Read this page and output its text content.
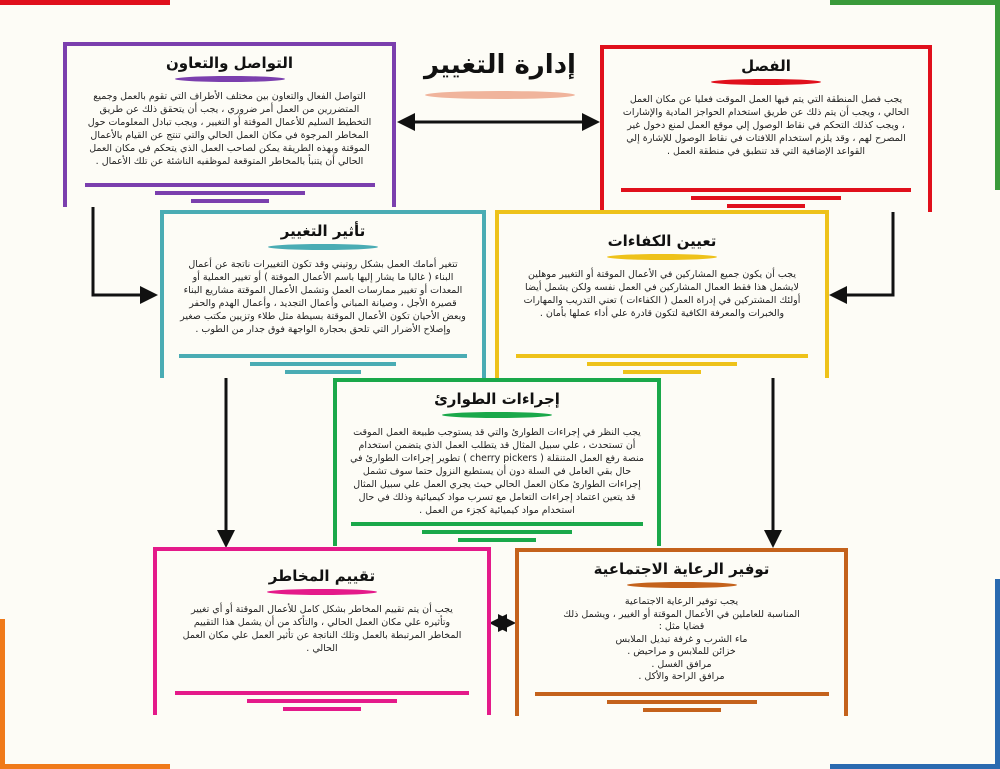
إدارة التغيير
التواصل والتعاون

التواصل الفعال والتعاون بين مختلف الأطراف التي تقوم بالعمل وجميع المتضررين من العمل أمر ضروري ، يجب أن يتحقق ذلك عن طريق التخطيط السليم للأعمال الموقتة أو التغيير ، ويجب تبادل المعلومات حول المخاطر المرجوة في مكان العمل الحالي والتي تنتج عن القيام بالأعمال الموقتة وبهذه الطريقة يمكن لصاحب العمل الذي يتحكم في مكان العمل الحالي أن يتنبأ بالمخاطر المتوقعة لموظفيه الناشئة عن تلك الأعمال .

الفصل

يجب فصل المنطقة التي يتم فيها العمل الموقت فعليا عن مكان العمل الحالي ، ويجب أن يتم ذلك عن طريق استخدام الحواجز المادية والإشارات ، ويجب كذلك التحكم في نقاط الوصول إلي موقع العمل لمنع دخول غير المصرح لهم ، وقد يلزم استخدام اللافتات في نقاط الوصول للإشارة إلي القواعد الإضافية التي قد تنطبق في منطقة العمل .

تأثير التغيير

تتغير أمامك العمل بشكل روتيني وقد تكون التغييرات ناتجة عن أعمال البناء ( غالبا ما يشار إليها باسم الأعمال الموقتة ) أو تغيير العملية أو المعدات أو تغيير ممارسات العمل وتشمل الأعمال الموقتة مشاريع البناء قصيرة الأجل ، وصيانة المباني وأعمال التجديد ، وأعمال الهدم والحفر وبعض الأحيان تكون الأعمال الموقتة بسيطة مثل طلاء وتزيين مكتب صغير وإصلاح الأضرار التي تلحق بحجارة الواجهة فوق جدار من الطوب .

تعيين الكفاءات

يجب أن يكون جميع المشاركين في الأعمال الموقتة أو التغيير موهلين لايشمل هذا فقط العمال المشاركين في العمل نفسه ولكن يشمل أيضا أولئك المشتركين في إدراة العمل ( الكفاءات ) تعني التدريب والمهارات والخبرات والمعرفة الكافية لتكون قادرة علي أداء عملها بأمان .

إجراءات الطوارئ

يجب النظر في إجراءات الطوارئ والتي قد يستوجب طبيعة العمل الموقت أن تستحدث ، علي سبيل المثال قد يتطلب العمل الذي يتضمن استخدام منصة رفع العمل المتنقلة ( cherry pickers ) تطوير إجراءات الطوارئ في حال بقي العامل في السلة دون أن يستطيع النزول حتما سوف تشمل إجراءات الطوارئ مكان العمل الحالي حيث يجري العمل علي سبيل المثال قد يتعين اعتماد إجراءات التعامل مع تسرب مواد كيميائية وذلك في حال استخدام مواد كيميائية كجزء من العمل .

تقييم المخاطر

يجب أن يتم تقييم المخاطر بشكل كامل للأعمال الموقتة أو أي تغيير وتأثيره علي مكان العمل الحالي ، والتأكد من أن يشمل هذا التقييم المخاطر المرتبطة بالعمل وتلك الناتجة عن تأثير العمل علي مكان العمل الحالي .

توفير الرعاية الاجتماعية

يجب توفير الرعاية الاجتماعية
المناسبة للعاملين في الأعمال الموقتة أو الغيير ، ويشمل ذلك
قضايا مثل :
ماء الشرب و غرفة تبديل الملابس
خزائن للملابس و مراحيض .
مرافق الغسل .
مرافق الراحة والأكل .
